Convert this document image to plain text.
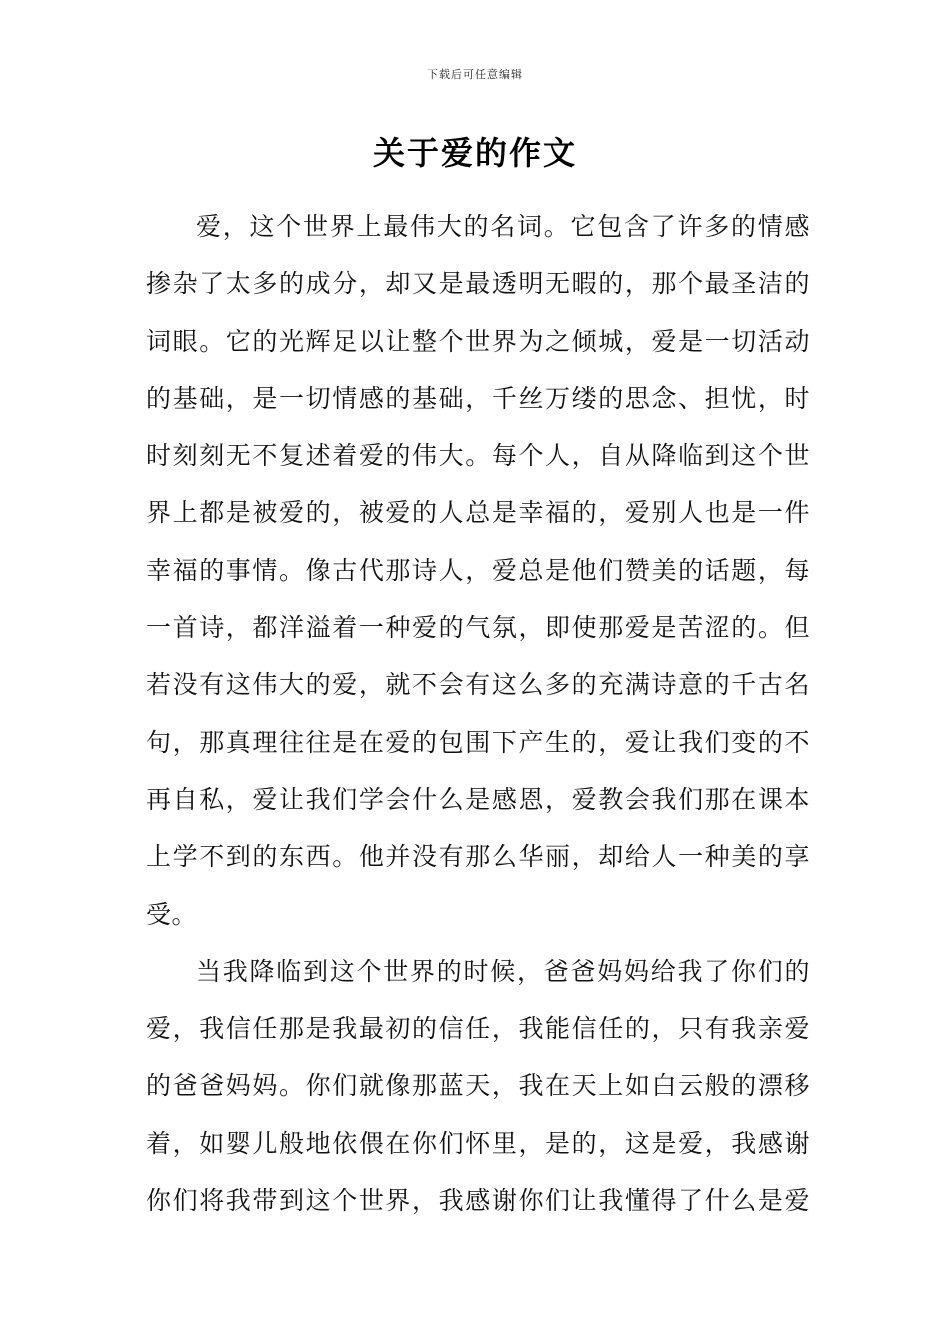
下载后可任意编辑
关于爱的作文
爱，这个世界上最伟大的名词。它包含了许多的情感
掺杂了太多的成分，却又是最透明无暇的，那个最圣洁的
词眼。它的光辉足以让整个世界为之倾城，爱是一切活动
的基础，是一切情感的基础，千丝万缕的思念、担忧，时
时刻刻无不复述着爱的伟大。每个人，自从降临到这个世
界上都是被爱的，被爱的人总是幸福的，爱别人也是一件
幸福的事情。像古代那诗人，爱总是他们赞美的话题，每
一首诗，都洋溢着一种爱的气氛，即使那爱是苦涩的。但
若没有这伟大的爱，就不会有这么多的充满诗意的千古名
句，那真理往往是在爱的包围下产生的，爱让我们变的不
再自私，爱让我们学会什么是感恩，爱教会我们那在课本
上学不到的东西。他并没有那么华丽，却给人一种美的享
受。
当我降临到这个世界的时候，爸爸妈妈给我了你们的
爱，我信任那是我最初的信任，我能信任的，只有我亲爱
的爸爸妈妈。你们就像那蓝天，我在天上如白云般的漂移
着，如婴儿般地依偎在你们怀里，是的，这是爱，我感谢
你们将我带到这个世界，我感谢你们让我懂得了什么是爱
